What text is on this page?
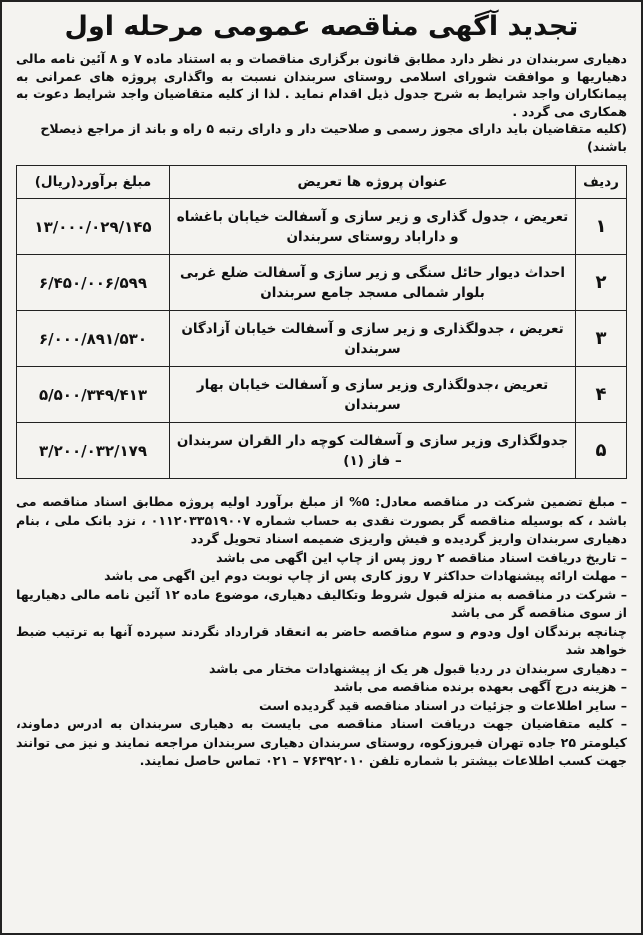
تجدید آگهی مناقصه عمومی مرحله اول

دهیاری سربندان در نظر دارد مطابق قانون برگزاری مناقصات و به استناد ماده ۷ و ۸ آئین نامه مالی دهیاریها و موافقت شورای اسلامی روستای سربندان نسبت به واگذاری پروژه های عمرانی به پیمانکاران واجد شرایط به شرح جدول ذیل اقدام نماید . لذا از کلیه متقاضیان واجد شرایط دعوت به همکاری می گردد .

(کلیه متقاضیان باید دارای مجوز رسمی و صلاحیت دار و دارای رتبه ۵ راه و باند از مراجع ذیصلاح باشند)

ردیف	عنوان پروژه ها تعریض	مبلغ برآورد(ریال)
۱	تعریض ، جدول گذاری و زیر سازی و آسفالت خیابان باغشاه و داراباد روستای سربندان	۱۳/۰۰۰/۰۲۹/۱۴۵
۲	احداث دیوار حائل سنگی و زیر سازی و آسفالت ضلع غربی بلوار شمالی مسجد جامع سربندان	۶/۴۵۰/۰۰۶/۵۹۹
۳	تعریض ، جدولگذاری و زیر سازی و آسفالت خیابان آزادگان سربندان	۶/۰۰۰/۸۹۱/۵۳۰
۴	تعریض ،جدولگذاری وزیر سازی و آسفالت خیابان بهار سربندان	۵/۵۰۰/۳۴۹/۴۱۳
۵	جدولگذاری وزیر سازی و آسفالت کوچه دار القران سربندان – فاز (۱)	۳/۲۰۰/۰۳۲/۱۷۹

– مبلغ تضمین شرکت در مناقصه معادل: ۵% از مبلغ برآورد اولیه پروژه مطابق اسناد مناقصه می باشد ، که بوسیله مناقصه گر بصورت نقدی به حساب شماره ۰۱۱۲۰۳۳۵۱۹۰۰۷ ، نزد بانک ملی ، بنام دهیاری سربندان واریز گردیده و فیش واریزی ضمیمه اسناد تحویل گردد

– تاریخ دریافت اسناد مناقصه ۲ روز پس از چاپ این اگهی می باشد

– مهلت ارائه پیشنهادات حداکثر ۷ روز کاری پس از چاپ نوبت دوم این اگهی می باشد

– شرکت در مناقصه به منزله قبول شروط وتکالیف دهیاری، موضوع ماده ۱۲ آئین نامه مالی دهیاریها از سوی مناقصه گر می باشد

چنانچه برندگان اول ودوم و سوم مناقصه حاضر به انعقاد قرارداد نگردند سپرده آنها به ترتیب ضبط خواهد شد

– دهیاری سربندان در ردیا قبول هر یک از پیشنهادات مختار می باشد

– هزینه درج آگهی بعهده برنده مناقصه می باشد

– سایر اطلاعات و جزئیات در اسناد مناقصه قید گردیده است

– کلیه متقاضیان جهت دریافت اسناد مناقصه می بایست به دهیاری سربندان به ادرس دماوند، کیلومتر ۲۵ جاده تهران فیروزکوه، روستای سربندان دهیاری سربندان مراجعه نمایند و نیز می توانند جهت کسب اطلاعات بیشتر با شماره تلفن ۷۶۳۹۲۰۱۰ – ۰۲۱ تماس حاصل نمایند.
